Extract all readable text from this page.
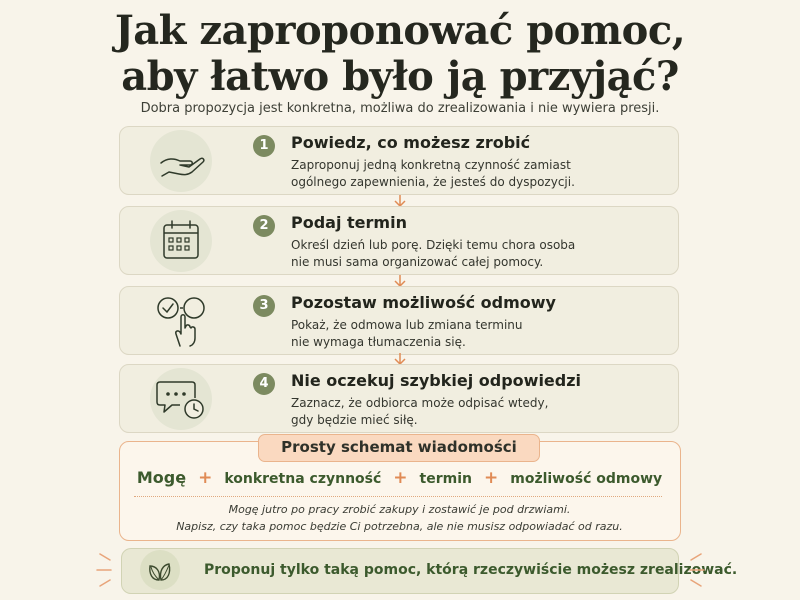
Jak zaproponować pomoc,
aby łatwo było ją przyjąć?
Dobra propozycja jest konkretna, możliwa do zrealizowania i nie wywiera presji.
1	Powiedz, co możesz zrobić
Zaproponuj jedną konkretną czynność zamiast
ogólnego zapewnienia, że jesteś do dyspozycji.
2	Podaj termin
Określ dzień lub porę. Dzięki temu chora osoba
nie musi sama organizować całej pomocy.
3	Pozostaw możliwość odmowy
Pokaż, że odmowa lub zmiana terminu
nie wymaga tłumaczenia się.
4	Nie oczekuj szybkiej odpowiedzi
Zaznacz, że odbiorca może odpisać wtedy,
gdy będzie mieć siłę.
Prosty schemat wiadomości
Mogę + konkretna czynność + termin + możliwość odmowy
Mogę jutro po pracy zrobić zakupy i zostawić je pod drzwiami.
Napisz, czy taka pomoc będzie Ci potrzebna, ale nie musisz odpowiadać od razu.
Proponuj tylko taką pomoc, którą rzeczywiście możesz zrealizować.
